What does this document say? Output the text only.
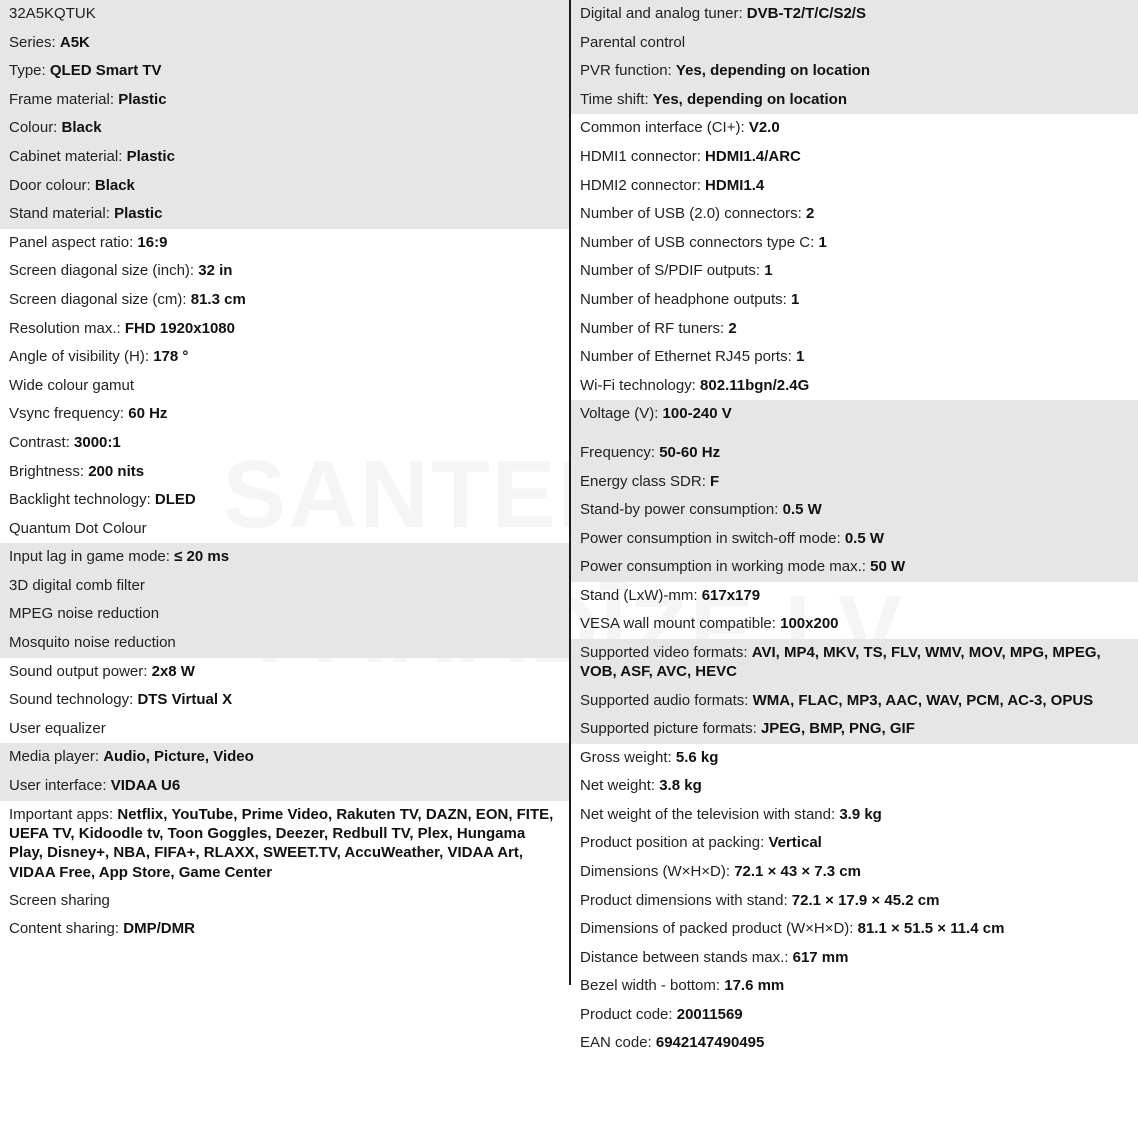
32A5KQTUK
Series: A5K
Type: QLED Smart TV
Frame material: Plastic
Colour: Black
Cabinet material: Plastic
Door colour: Black
Stand material: Plastic
Panel aspect ratio: 16:9
Screen diagonal size (inch): 32 in
Screen diagonal size (cm): 81.3 cm
Resolution max.: FHD 1920x1080
Angle of visibility (H): 178 °
Wide colour gamut
Vsync frequency: 60 Hz
Contrast: 3000:1
Brightness: 200 nits
Backlight technology: DLED
Quantum Dot Colour
Input lag in game mode: ≤ 20 ms
3D digital comb filter
MPEG noise reduction
Mosquito noise reduction
Sound output power: 2x8 W
Sound technology: DTS Virtual X
User equalizer
Media player: Audio, Picture, Video
User interface: VIDAA U6
Important apps: Netflix, YouTube, Prime Video, Rakuten TV, DAZN, EON, FITE, UEFA TV, Kidoodle tv, Toon Goggles, Deezer, Redbull TV, Plex, Hungama Play, Disney+, NBA, FIFA+, RLAXX, SWEET.TV, AccuWeather, VIDAA Art, VIDAA Free, App Store, Game Center
Screen sharing
Content sharing: DMP/DMR
Digital and analog tuner: DVB-T2/T/C/S2/S
Parental control
PVR function: Yes, depending on location
Time shift: Yes, depending on location
Common interface (CI+): V2.0
HDMI1 connector: HDMI1.4/ARC
HDMI2 connector: HDMI1.4
Number of USB (2.0) connectors: 2
Number of USB connectors type C: 1
Number of S/PDIF outputs: 1
Number of headphone outputs: 1
Number of RF tuners: 2
Number of Ethernet RJ45 ports: 1
Wi-Fi technology: 802.11bgn/2.4G
Voltage (V): 100-240 V
Frequency: 50-60 Hz
Energy class SDR: F
Stand-by power consumption: 0.5 W
Power consumption in switch-off mode: 0.5 W
Power consumption in working mode max.: 50 W
Stand (LxW)-mm: 617x179
VESA wall mount compatible: 100x200
Supported video formats: AVI, MP4, MKV, TS, FLV, WMV, MOV, MPG, MPEG, VOB, ASF, AVC, HEVC
Supported audio formats: WMA, FLAC, MP3, AAC, WAV, PCM, AC-3, OPUS
Supported picture formats: JPEG, BMP, PNG, GIF
Gross weight: 5.6 kg
Net weight: 3.8 kg
Net weight of the television with stand: 3.9 kg
Product position at packing: Vertical
Dimensions (W×H×D): 72.1 × 43 × 7.3 cm
Product dimensions with stand: 72.1 × 17.9 × 45.2 cm
Dimensions of packed product (W×H×D): 81.1 × 51.5 × 11.4 cm
Distance between stands max.: 617 mm
Bezel width - bottom: 17.6 mm
Product code: 20011569
EAN code: 6942147490495
